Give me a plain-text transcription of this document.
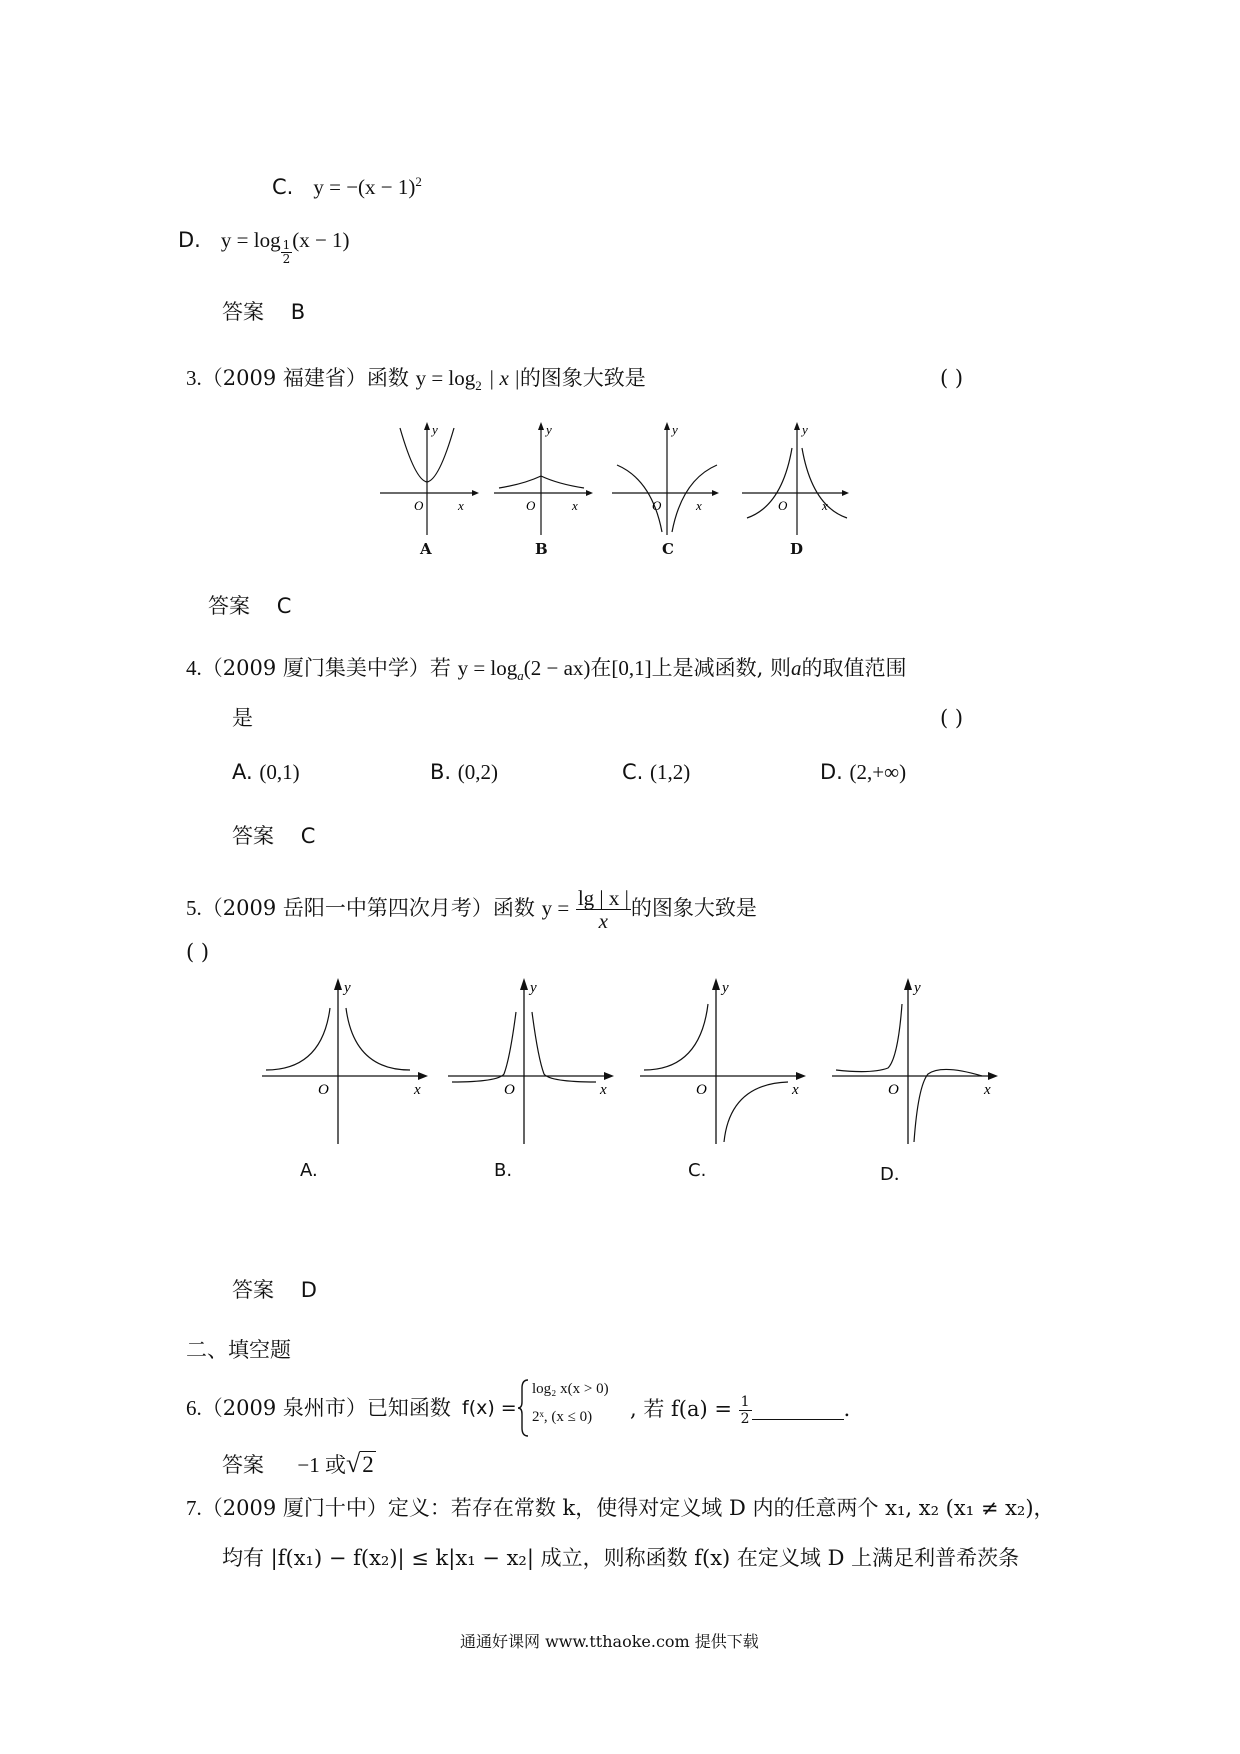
C. $y = -(x - 1)^2$
D. $y = \log \frac{1}{2} (x - 1)$
答案 B
3.（2009 福建省）函数 $y = \log_2$ | x |的图象大致是	( )
y
O	x
A
y
O	x
B
y
O	x
C
y
O	x
D
答案 C
4.（2009 厦门集美中学）若 $y = \log_a(2 - ax)$在[0,1]上是减函数, 则a的取值范围
是	( )
A. (0,1)	B. (0,2)	C. (1,2)	D. (2,+∞)
答案 C
5.（2009 岳阳一中第四次月考）函数 $y = \frac{\lg | x |}{x}$ 的图象大致是
( )
y
O	x
A.
y
O	x
B.
y
O	x
C.
y
O	x
D．
答案 D
二、填空题
6.（2009 泉州市）已知函数 f(x) =
log₂ x(x > 0)
2ˣ, (x ≤ 0) , 若 $f(a) = \frac{1}{2}$	．
答案 −1 或√2
7.（2009 厦门十中）定义：若存在常数 k，使得对定义域 D 内的任意两个 x₁, x₂ (x₁ ≠ x₂)，
均有 |f(x₁) − f(x₂)| ≤ k|x₁ − x₂| 成立，则称函数 f(x) 在定义域 D 上满足利普希茨条
通通好课网 www.tthaoke.com 提供下载
